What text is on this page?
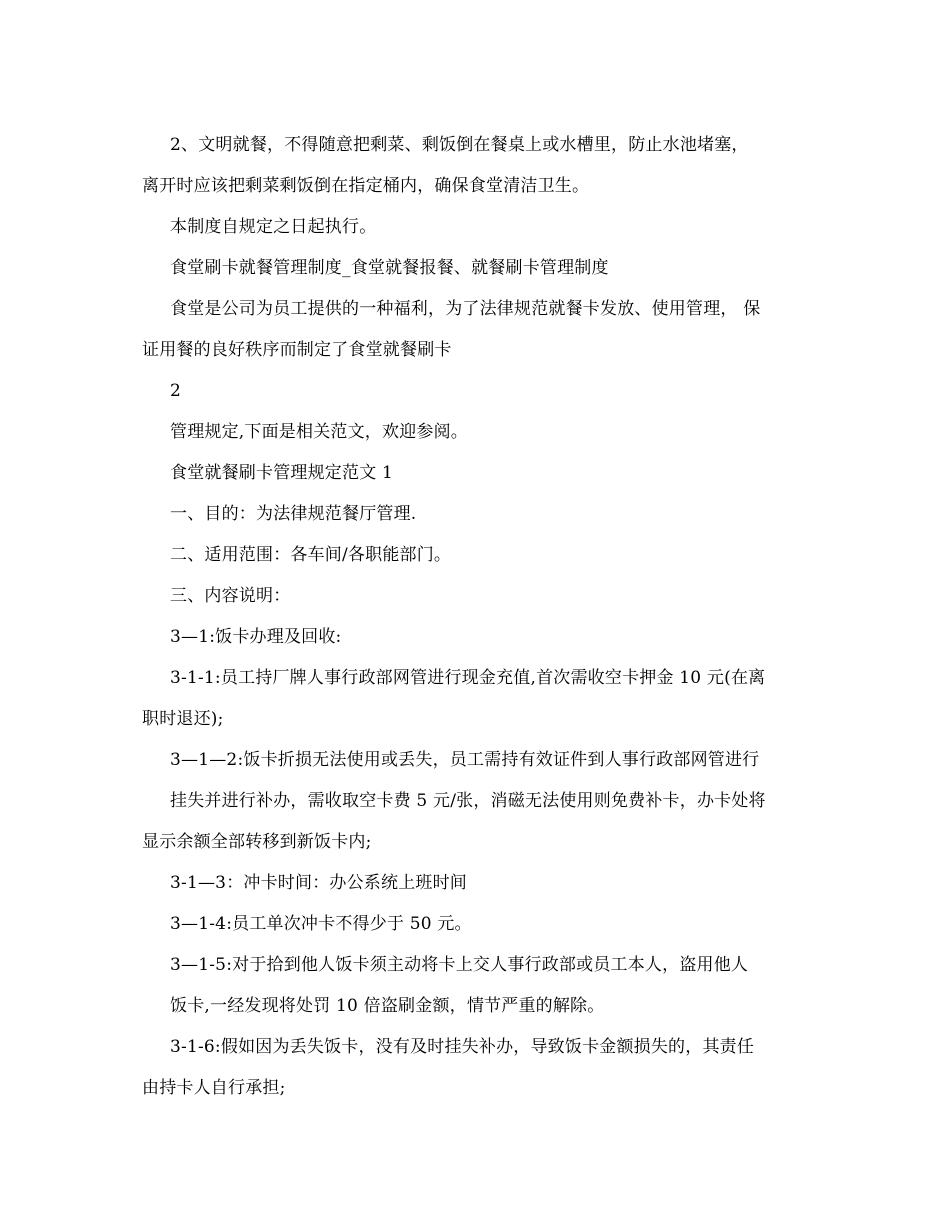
2、文明就餐，不得随意把剩菜、剩饭倒在餐桌上或水槽里，防止水池堵塞，
离开时应该把剩菜剩饭倒在指定桶内，确保食堂清洁卫生。
本制度自规定之日起执行。
食堂刷卡就餐管理制度_食堂就餐报餐、就餐刷卡管理制度
食堂是公司为员工提供的一种福利，为了法律规范就餐卡发放、使用管理， 保
证用餐的良好秩序而制定了食堂就餐刷卡
2
管理规定,下面是相关范文，欢迎参阅。
食堂就餐刷卡管理规定范文 1
一、目的：为法律规范餐厅管理.
二、适用范围：各车间/各职能部门。
三、内容说明：
3—1:饭卡办理及回收:
3-1-1:员工持厂牌人事行政部网管进行现金充值,首次需收空卡押金 10 元(在离
职时退还);
3—1—2:饭卡折损无法使用或丢失，员工需持有效证件到人事行政部网管进行
挂失并进行补办，需收取空卡费 5 元/张，消磁无法使用则免费补卡，办卡处将
显示余额全部转移到新饭卡内;
3-1—3：冲卡时间：办公系统上班时间
3—1-4:员工单次冲卡不得少于 50 元。
3—1-5:对于拾到他人饭卡须主动将卡上交人事行政部或员工本人，盗用他人
饭卡,一经发现将处罚 10 倍盗刷金额，情节严重的解除。
3-1-6:假如因为丢失饭卡，没有及时挂失补办，导致饭卡金额损失的，其责任
由持卡人自行承担;
